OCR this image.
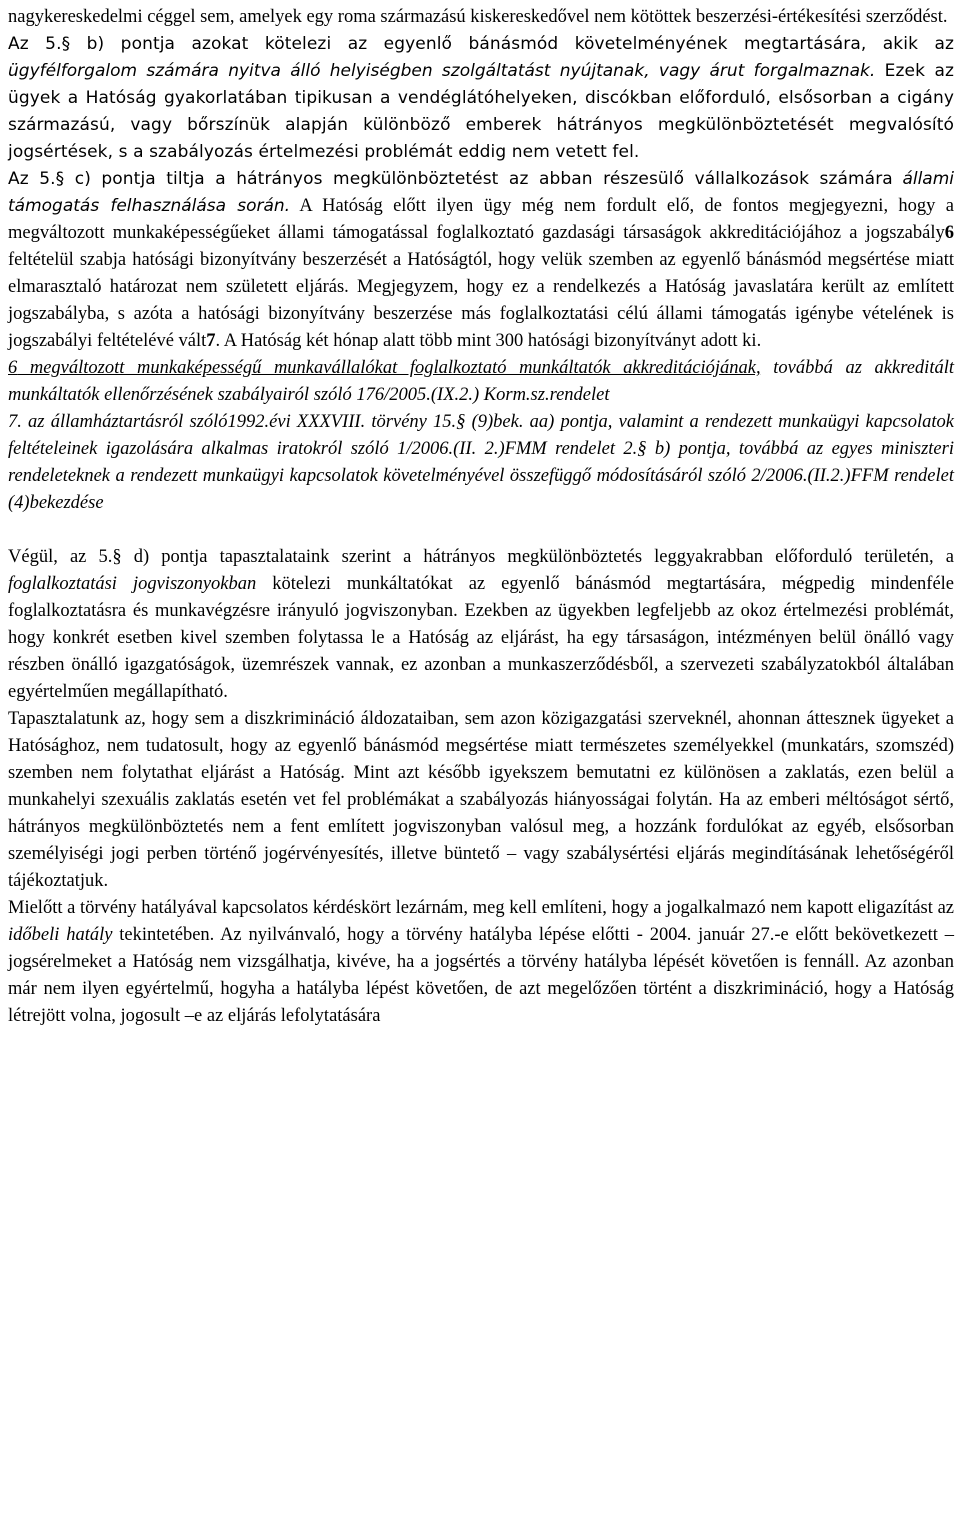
nagykereskedelmi céggel sem, amelyek egy roma származású kiskereskedővel nem kötöttek beszerzési-értékesítési szerződést.

Az 5.§ b) pontja azokat kötelezi az egyenlő bánásmód követelményének megtartására, akik az ügyfélforgalom számára nyitva álló helyiségben szolgáltatást nyújtanak, vagy árut forgalmaznak. Ezek az ügyek a Hatóság gyakorlatában tipikusan a vendéglátóhelyeken, discókban előforduló, elsősorban a cigány származású, vagy bőrszínük alapján különböző emberek hátrányos megkülönböztetését megvalósító jogsértések, s a szabályozás értelmezési problémát eddig nem vetett fel.

Az 5.§ c) pontja tiltja a hátrányos megkülönböztetést az abban részesülő vállalkozások számára állami támogatás felhasználása során. A Hatóság előtt ilyen ügy még nem fordult elő, de fontos megjegyezni, hogy a megváltozott munkaképességűeket állami támogatással foglalkoztató gazdasági társaságok akkreditációjához a jogszabály6 feltételül szabja hatósági bizonyítvány beszerzését a Hatóságtól, hogy velük szemben az egyenlő bánásmód megsértése miatt elmarasztaló határozat nem született eljárás. Megjegyzem, hogy ez a rendelkezés a Hatóság javaslatára került az említett jogszabályba, s azóta a hatósági bizonyítvány beszerzése más foglalkoztatási célú állami támogatás igénybe vételének is jogszabályi feltételévé vált7. A Hatóság két hónap alatt több mint 300 hatósági bizonyítványt adott ki.

6 megváltozott munkaképességű munkavállalókat foglalkoztató munkáltatók akkreditációjának, továbbá az akkreditált munkáltatók ellenőrzésének szabályairól szóló 176/2005.(IX.2.) Korm.sz.rendelet

7. az államháztartásról szóló1992.évi XXXVIII. törvény 15.§ (9)bek. aa) pontja, valamint a rendezett munkaügyi kapcsolatok feltételeinek igazolására alkalmas iratokról szóló 1/2006.(II. 2.)FMM rendelet 2.§ b) pontja, továbbá az egyes miniszteri rendeleteknek a rendezett munkaügyi kapcsolatok követelményével összefüggő módosításáról szóló 2/2006.(II.2.)FFM rendelet (4)bekezdése

Végül, az 5.§ d) pontja tapasztalataink szerint a hátrányos megkülönböztetés leggyakrabban előforduló területén, a foglalkoztatási jogviszonyokban kötelezi munkáltatókat az egyenlő bánásmód megtartására, mégpedig mindenféle foglalkoztatásra és munkavégzésre irányuló jogviszonyban. Ezekben az ügyekben legfeljebb az okoz értelmezési problémát, hogy konkrét esetben kivel szemben folytassa le a Hatóság az eljárást, ha egy társaságon, intézményen belül önálló vagy részben önálló igazgatóságok, üzemrészek vannak, ez azonban a munkaszerződésből, a szervezeti szabályzatokból általában egyértelműen megállapítható.

Tapasztalatunk az, hogy sem a diszkrimináció áldozataiban, sem azon közigazgatási szerveknél, ahonnan áttesznek ügyeket a Hatósághoz, nem tudatosult, hogy az egyenlő bánásmód megsértése miatt természetes személyekkel (munkatárs, szomszéd) szemben nem folytathat eljárást a Hatóság. Mint azt később igyekszem bemutatni ez különösen a zaklatás, ezen belül a munkahelyi szexuális zaklatás esetén vet fel problémákat a szabályozás hiányosságai folytán. Ha az emberi méltóságot sértő, hátrányos megkülönböztetés nem a fent említett jogviszonyban valósul meg, a hozzánk fordulókat az egyéb, elsősorban személyiségi jogi perben történő jogérvényesítés, illetve büntető – vagy szabálysértési eljárás megindításának lehetőségéről tájékoztatjuk.

Mielőtt a törvény hatályával kapcsolatos kérdéskört lezárnám, meg kell említeni, hogy a jogalkalmazó nem kapott eligazítást az időbeli hatály tekintetében. Az nyilvánvaló, hogy a törvény hatályba lépése előtti - 2004. január 27.-e előtt bekövetkezett – jogsérelmeket a Hatóság nem vizsgálhatja, kivéve, ha a jogsértés a törvény hatályba lépését követően is fennáll. Az azonban már nem ilyen egyértelmű, hogyha a hatályba lépést követően, de azt megelőzően történt a diszkrimináció, hogy a Hatóság létrejött volna, jogosult –e az eljárás lefolytatására
